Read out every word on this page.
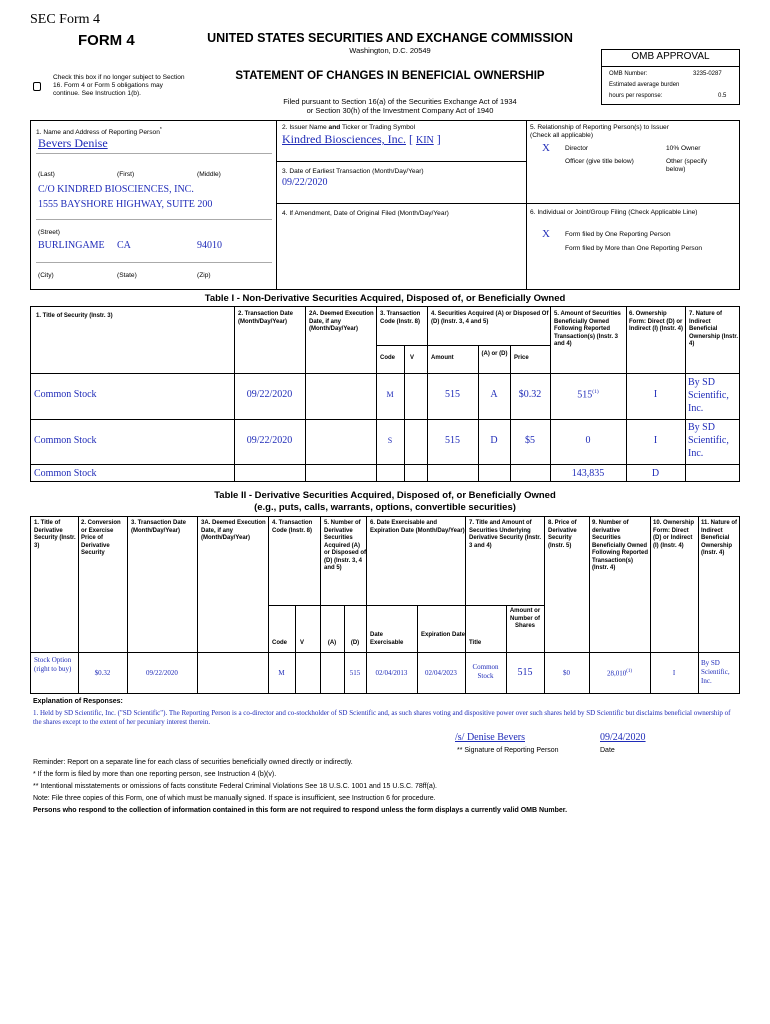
SEC Form 4
FORM 4	UNITED STATES SECURITIES AND EXCHANGE COMMISSION
Washington, D.C. 20549
Check this box if no longer subject to Section 16. Form 4 or Form 5 obligations may continue. See Instruction 1(b).
STATEMENT OF CHANGES IN BENEFICIAL OWNERSHIP
Filed pursuant to Section 16(a) of the Securities Exchange Act of 1934
or Section 30(h) of the Investment Company Act of 1940
OMB APPROVAL
OMB Number:	3235-0287
Estimated average burden
hours per response:	0.5
1. Name and Address of Reporting Person*
Bevers Denise
(Last)	(First)	(Middle)
C/O KINDRED BIOSCIENCES, INC.
1555 BAYSHORE HIGHWAY, SUITE 200
(Street)
BURLINGAME CA	94010
(City)	(State)	(Zip)
2. Issuer Name and Ticker or Trading Symbol
Kindred Biosciences, Inc. [ KIN ]
3. Date of Earliest Transaction (Month/Day/Year)
09/22/2020
4. If Amendment, Date of Original Filed (Month/Day/Year)
5. Relationship of Reporting Person(s) to Issuer
(Check all applicable)
X Director	10% Owner
Officer (give title below)	Other (specify below)
6. Individual or Joint/Group Filing (Check Applicable Line)
X Form filed by One Reporting Person
Form filed by More than One Reporting Person
Table I - Non-Derivative Securities Acquired, Disposed of, or Beneficially Owned
1. Title of Security (Instr. 3)	2. Transaction Date (Month/Day/Year)
2A. Deemed Execution Date, if any (Month/Day/Year)
3. Transaction Code (Instr. 8)
4. Securities Acquired (A) or Disposed Of (D) (Instr. 3, 4 and 5)
5. Amount of Securities Beneficially Owned Following Reported Transaction(s) (Instr. 3 and 4)
6. Ownership Form: Direct (D) or Indirect (I) (Instr. 4)
7. Nature of Indirect Beneficial Ownership (Instr. 4)
Code	V	Amount
(A) or (D)
Price
Common Stock	09/22/2020	M	515	A	$0.32	515$^{(1)}$	I
By SD Scientific, Inc.
Common Stock	09/22/2020	S	515	D	$5	0	I
By SD Scientific, Inc.
Common Stock	143,835	D
Table II - Derivative Securities Acquired, Disposed of, or Beneficially Owned
(e.g., puts, calls, warrants, options, convertible securities)
1. Title of Derivative Security (Instr. 3)
2. Conversion or Exercise Price of Derivative Security
3. Transaction Date (Month/Day/Year)
3A. Deemed Execution Date, if any (Month/Day/Year)
4. Transaction Code (Instr. 8)
5. Number of Derivative Securities Acquired (A) or Disposed of (D) (Instr. 3, 4 and 5)
6. Date Exercisable and Expiration Date (Month/Day/Year)
7. Title and Amount of Securities Underlying Derivative Security (Instr. 3 and 4)
8. Price of Derivative Security (Instr. 5)
9. Number of derivative Securities Beneficially Owned Following Reported Transaction(s) (Instr. 4)
10. Ownership Form: Direct (D) or Indirect (I) (Instr. 4)
11. Nature of Indirect Beneficial Ownership (Instr. 4)
Code V	(A)	(D)
Date Exercisable
Expiration Date
Title
Amount or Number of Shares
Stock Option (right to buy)	$0.32	09/22/2020	M	515	02/04/2013	02/04/2023
Common Stock	515	$0	28,010$^{(1)}$	I
By SD Scientific, Inc.
Explanation of Responses:
1. Held by SD Scientific, Inc. ("SD Scientific"). The Reporting Person is a co-director and co-stockholder of SD Scientific and, as such shares voting and dispositive power over such shares held by SD Scientific but disclaims beneficial ownership of the shares except to the extent of her pecuniary interest therein.
/s/ Denise Bevers	09/24/2020
** Signature of Reporting Person	Date
Reminder: Report on a separate line for each class of securities beneficially owned directly or indirectly.
* If the form is filed by more than one reporting person, see Instruction 4 (b)(v).
** Intentional misstatements or omissions of facts constitute Federal Criminal Violations See 18 U.S.C. 1001 and 15 U.S.C. 78ff(a).
Note: File three copies of this Form, one of which must be manually signed. If space is insufficient, see Instruction 6 for procedure.
Persons who respond to the collection of information contained in this form are not required to respond unless the form displays a currently valid OMB Number.
